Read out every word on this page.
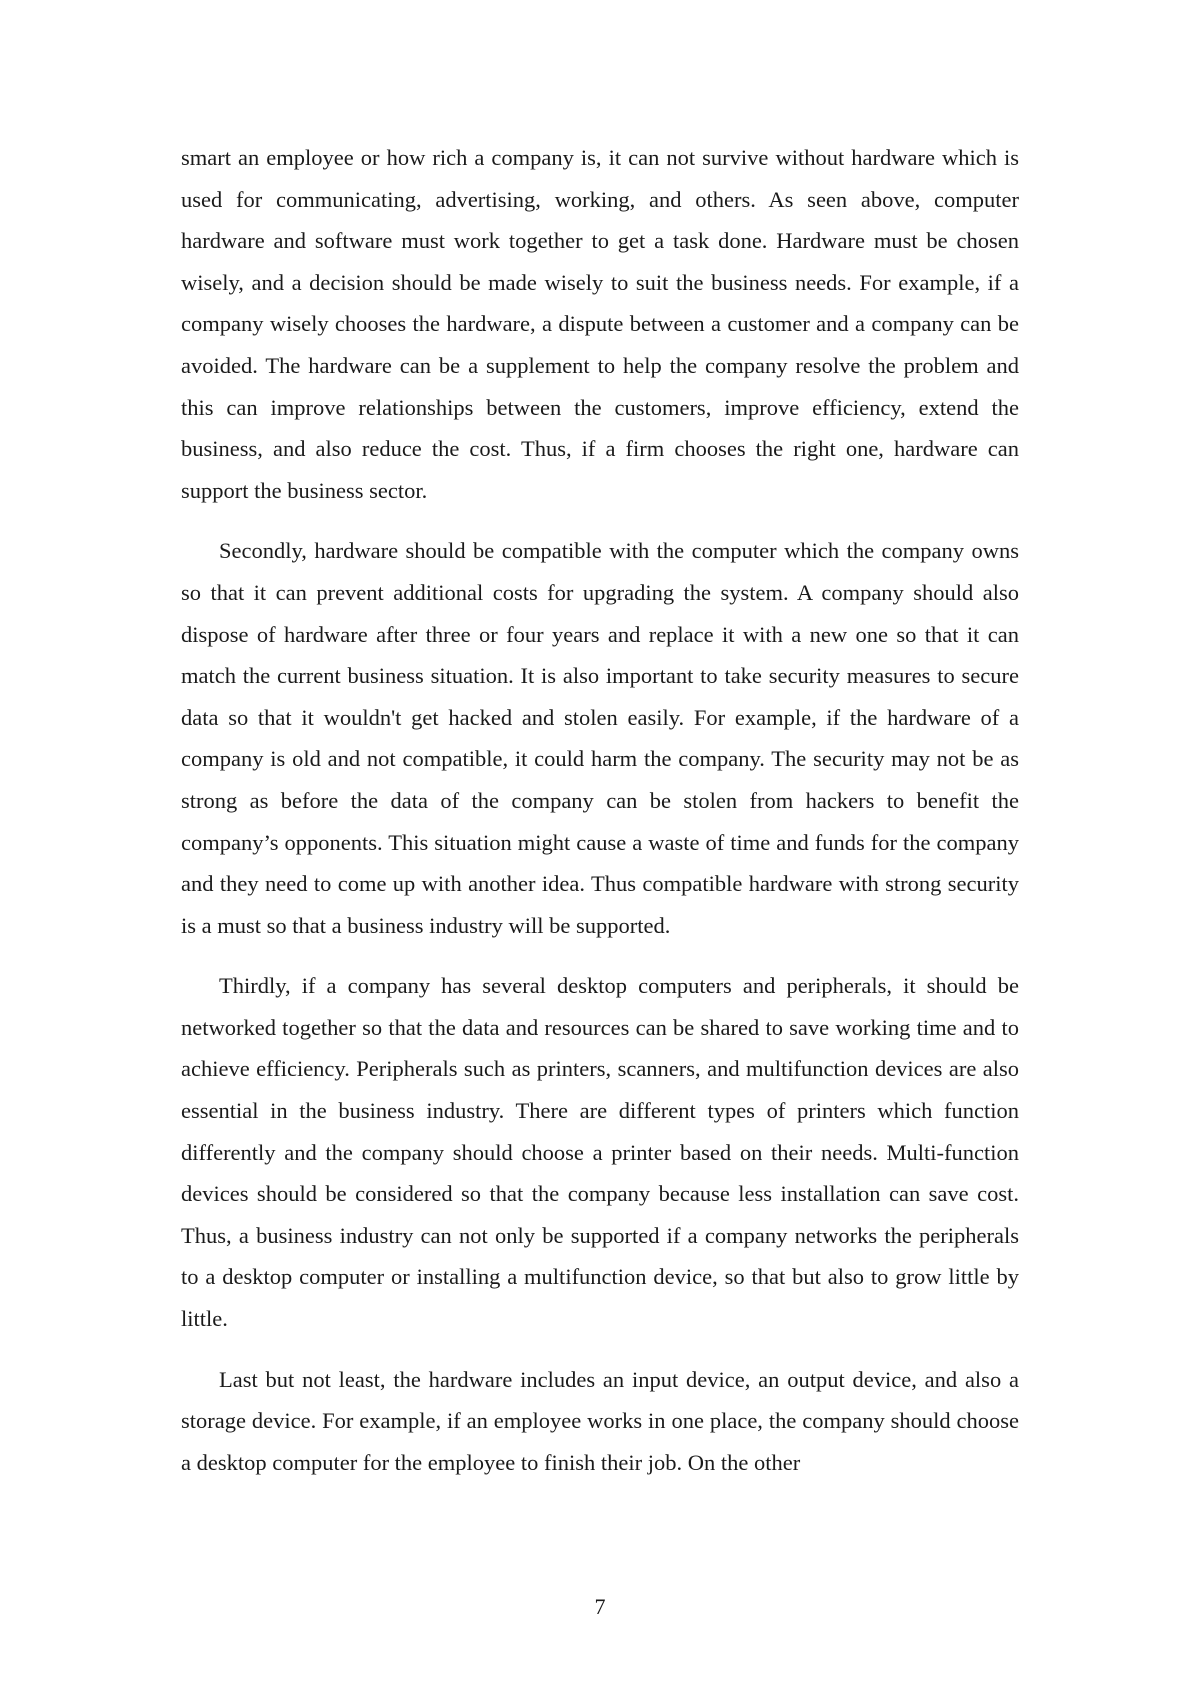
smart an employee or how rich a company is, it can not survive without hardware which is used for communicating, advertising, working, and others. As seen above, computer hardware and software must work together to get a task done. Hardware must be chosen wisely, and a decision should be made wisely to suit the business needs. For example, if a company wisely chooses the hardware, a dispute between a customer and a company can be avoided. The hardware can be a supplement to help the company resolve the problem and this can improve relationships between the customers, improve efficiency, extend the business, and also reduce the cost. Thus, if a firm chooses the right one, hardware can support the business sector.

Secondly, hardware should be compatible with the computer which the company owns so that it can prevent additional costs for upgrading the system. A company should also dispose of hardware after three or four years and replace it with a new one so that it can match the current business situation. It is also important to take security measures to secure data so that it wouldn't get hacked and stolen easily. For example, if the hardware of a company is old and not compatible, it could harm the company. The security may not be as strong as before the data of the company can be stolen from hackers to benefit the company’s opponents. This situation might cause a waste of time and funds for the company and they need to come up with another idea. Thus compatible hardware with strong security is a must so that a business industry will be supported.

Thirdly, if a company has several desktop computers and peripherals, it should be networked together so that the data and resources can be shared to save working time and to achieve efficiency. Peripherals such as printers, scanners, and multifunction devices are also essential in the business industry. There are different types of printers which function differently and the company should choose a printer based on their needs. Multi-function devices should be considered so that the company because less installation can save cost. Thus, a business industry can not only be supported if a company networks the peripherals to a desktop computer or installing a multifunction device, so that but also to grow little by little.

Last but not least, the hardware includes an input device, an output device, and also a storage device. For example, if an employee works in one place, the company should choose a desktop computer for the employee to finish their job. On the other

7
